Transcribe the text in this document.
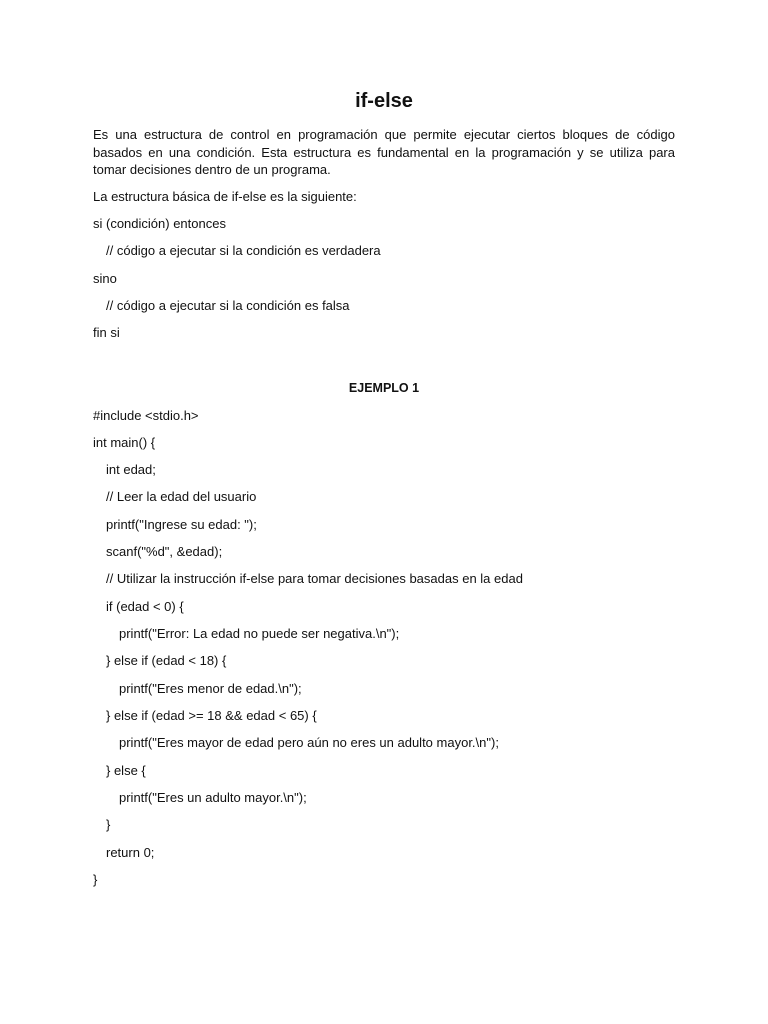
if-else
Es una estructura de control en programación que permite ejecutar ciertos bloques de código basados en una condición. Esta estructura es fundamental en la programación y se utiliza para tomar decisiones dentro de un programa.
La estructura básica de if-else es la siguiente:
si (condición) entonces
// código a ejecutar si la condición es verdadera
sino
// código a ejecutar si la condición es falsa
fin si
EJEMPLO 1
#include <stdio.h>
int main() {
int edad;
// Leer la edad del usuario
printf("Ingrese su edad: ");
scanf("%d", &edad);
// Utilizar la instrucción if-else para tomar decisiones basadas en la edad
if (edad < 0) {
printf("Error: La edad no puede ser negativa.\n");
} else if (edad < 18) {
printf("Eres menor de edad.\n");
} else if (edad >= 18 && edad < 65) {
printf("Eres mayor de edad pero aún no eres un adulto mayor.\n");
} else {
printf("Eres un adulto mayor.\n");
}
return 0;
}
